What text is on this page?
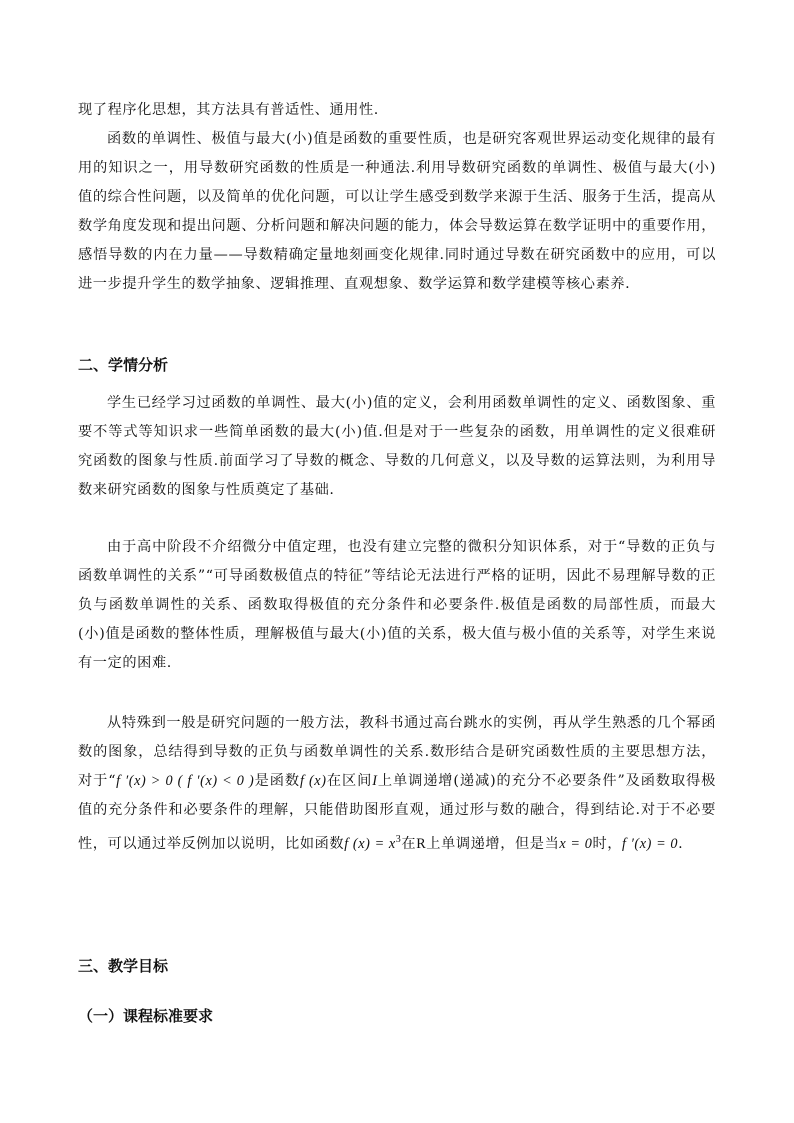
现了程序化思想，其方法具有普适性、通用性.

函数的单调性、极值与最大(小)值是函数的重要性质，也是研究客观世界运动变化规律的最有用的知识之一，用导数研究函数的性质是一种通法.利用导数研究函数的单调性、极值与最大(小)值的综合性问题，以及简单的优化问题，可以让学生感受到数学来源于生活、服务于生活，提高从数学角度发现和提出问题、分析问题和解决问题的能力，体会导数运算在数学证明中的重要作用，感悟导数的内在力量——导数精确定量地刻画变化规律.同时通过导数在研究函数中的应用，可以进一步提升学生的数学抽象、逻辑推理、直观想象、数学运算和数学建模等核心素养.

二、学情分析

学生已经学习过函数的单调性、最大(小)值的定义，会利用函数单调性的定义、函数图象、重要不等式等知识求一些简单函数的最大(小)值.但是对于一些复杂的函数，用单调性的定义很难研究函数的图象与性质.前面学习了导数的概念、导数的几何意义，以及导数的运算法则，为利用导数来研究函数的图象与性质奠定了基础.

由于高中阶段不介绍微分中值定理，也没有建立完整的微积分知识体系，对于“导数的正负与函数单调性的关系”“可导函数极值点的特征”等结论无法进行严格的证明，因此不易理解导数的正负与函数单调性的关系、函数取得极值的充分条件和必要条件.极值是函数的局部性质，而最大(小)值是函数的整体性质，理解极值与最大(小)值的关系，极大值与极小值的关系等，对学生来说有一定的困难.

从特殊到一般是研究问题的一般方法，教科书通过高台跳水的实例，再从学生熟悉的几个幂函数的图象，总结得到导数的正负与函数单调性的关系.数形结合是研究函数性质的主要思想方法，对于“f ′(x) > 0 ( f ′(x) < 0 )是函数f (x)在区间I上单调递增(递减)的充分不必要条件”及函数取得极值的充分条件和必要条件的理解，只能借助图形直观，通过形与数的融合，得到结论.对于不必要性，可以通过举反例加以说明，比如函数f $(x) = x^3$在R上单调递增，但是当x = 0时，f ′(x) = 0.

三、教学目标
（一）课程标准要求
